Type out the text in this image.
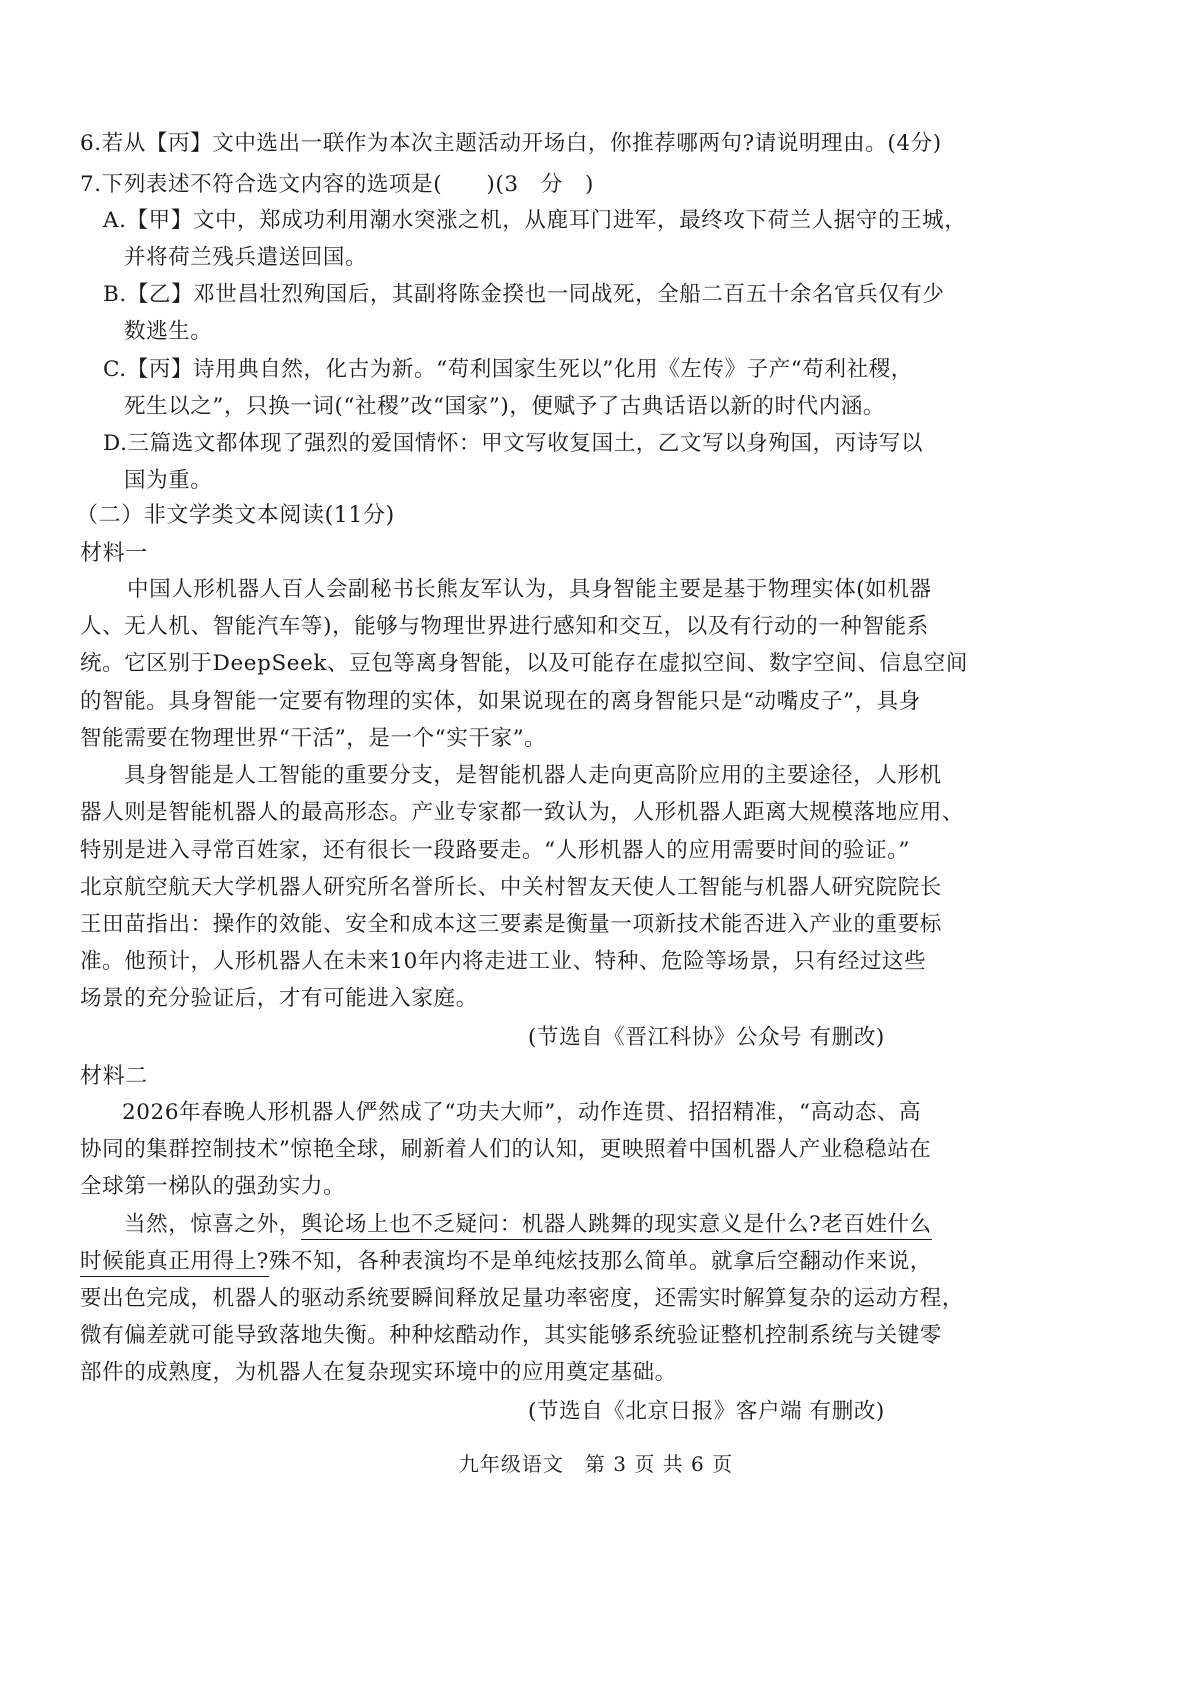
6.若从【丙】文中选出一联作为本次主题活动开场白，你推荐哪两句?请说明理由。(4分)
7.下列表述不符合选文内容的选项是(　　)(3　分　)
A.【甲】文中，郑成功利用潮水突涨之机，从鹿耳门进军，最终攻下荷兰人据守的王城，
并将荷兰残兵遣送回国。
B.【乙】邓世昌壮烈殉国后，其副将陈金揆也一同战死，全船二百五十余名官兵仅有少
数逃生。
C.【丙】诗用典自然，化古为新。“苟利国家生死以”化用《左传》子产“苟利社稷，
死生以之”，只换一词(“社稷”改“国家”)，便赋予了古典话语以新的时代内涵。
D.三篇选文都体现了强烈的爱国情怀：甲文写收复国土，乙文写以身殉国，丙诗写以
国为重。
（二）非文学类文本阅读(11分)
材料一
中国人形机器人百人会副秘书长熊友军认为，具身智能主要是基于物理实体(如机器
人、无人机、智能汽车等)，能够与物理世界进行感知和交互，以及有行动的一种智能系
统。它区别于DeepSeek、豆包等离身智能，以及可能存在虚拟空间、数字空间、信息空间
的智能。具身智能一定要有物理的实体，如果说现在的离身智能只是“动嘴皮子”，具身
智能需要在物理世界“干活”，是一个“实干家”。
具身智能是人工智能的重要分支，是智能机器人走向更高阶应用的主要途径，人形机
器人则是智能机器人的最高形态。产业专家都一致认为，人形机器人距离大规模落地应用、
特别是进入寻常百姓家，还有很长一段路要走。“人形机器人的应用需要时间的验证。”
北京航空航天大学机器人研究所名誉所长、中关村智友天使人工智能与机器人研究院院长
王田苗指出：操作的效能、安全和成本这三要素是衡量一项新技术能否进入产业的重要标
准。他预计，人形机器人在未来10年内将走进工业、特种、危险等场景，只有经过这些
场景的充分验证后，才有可能进入家庭。
(节选自《晋江科协》公众号 有删改)
材料二
2026年春晚人形机器人俨然成了“功夫大师”，动作连贯、招招精准，“高动态、高
协同的集群控制技术”惊艳全球，刷新着人们的认知，更映照着中国机器人产业稳稳站在
全球第一梯队的强劲实力。
当然，惊喜之外，舆论场上也不乏疑问：机器人跳舞的现实意义是什么?老百姓什么
时候能真正用得上?殊不知，各种表演均不是单纯炫技那么简单。就拿后空翻动作来说，
要出色完成，机器人的驱动系统要瞬间释放足量功率密度，还需实时解算复杂的运动方程，
微有偏差就可能导致落地失衡。种种炫酷动作，其实能够系统验证整机控制系统与关键零
部件的成熟度，为机器人在复杂现实环境中的应用奠定基础。
(节选自《北京日报》客户端 有删改)
九年级语文　第 3 页 共 6 页
